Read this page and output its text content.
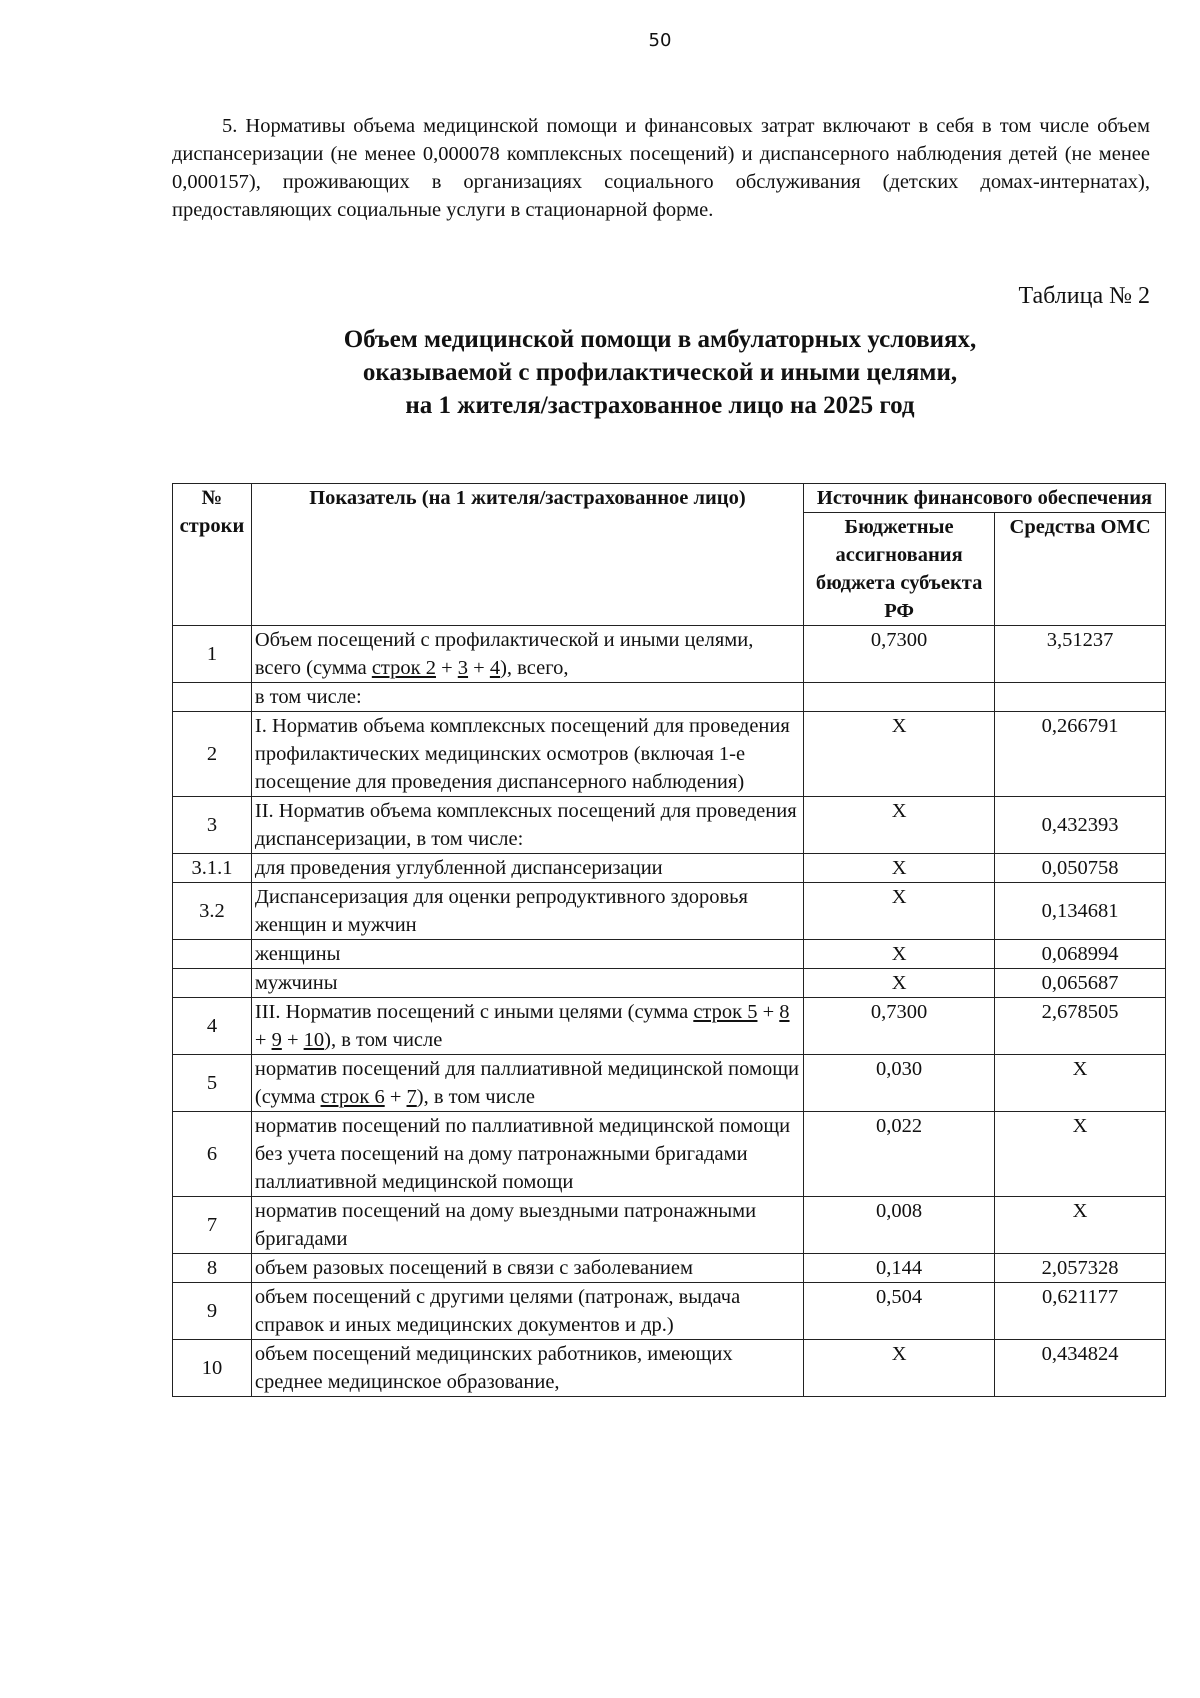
50

5. Нормативы объема медицинской помощи и финансовых затрат включают в себя в том числе объем диспансеризации (не менее 0,000078 комплексных посещений) и диспансерного наблюдения детей (не менее 0,000157), проживающих в организациях социального обслуживания (детских домах-интернатах), предоставляющих социальные услуги в стационарной форме.

Таблица № 2
Объем медицинской помощи в амбулаторных условиях,
оказываемой с профилактической и иными целями,
на 1 жителя/застрахованное лицо на 2025 год
№ строки	Показатель (на 1 жителя/застрахованное лицо)	Источник финансового обеспечения	
		Бюджетные ассигнования бюджета субъекта РФ	Средства ОМС
1	Объем посещений с профилактической и иными целями, всего (сумма строк 2 + 3 + 4), всего,	0,7300	3,51237
	в том числе:		
2	I. Норматив объема комплексных посещений для проведения профилактических медицинских осмотров (включая 1-е посещение для проведения диспансерного наблюдения)	X	0,266791
3	II. Норматив объема комплексных посещений для проведения диспансеризации, в том числе:	X	0,432393
3.1.1	для проведения углубленной диспансеризации	X	0,050758
3.2	Диспансеризация для оценки репродуктивного здоровья женщин и мужчин	X	0,134681
	женщины	X	0,068994
	мужчины	X	0,065687
4	III. Норматив посещений с иными целями (сумма строк 5 + 8 + 9 + 10), в том числе	0,7300	2,678505
5	норматив посещений для паллиативной медицинской помощи (сумма строк 6 + 7), в том числе	0,030	X
6	норматив посещений по паллиативной медицинской помощи без учета посещений на дому патронажными бригадами паллиативной медицинской помощи	0,022	X
7	норматив посещений на дому выездными патронажными бригадами	0,008	X
8	объем разовых посещений в связи с заболеванием	0,144	2,057328
9	объем посещений с другими целями (патронаж, выдача справок и иных медицинских документов и др.)	0,504	0,621177
10	объем посещений медицинских работников, имеющих среднее медицинское образование,	X	0,434824
